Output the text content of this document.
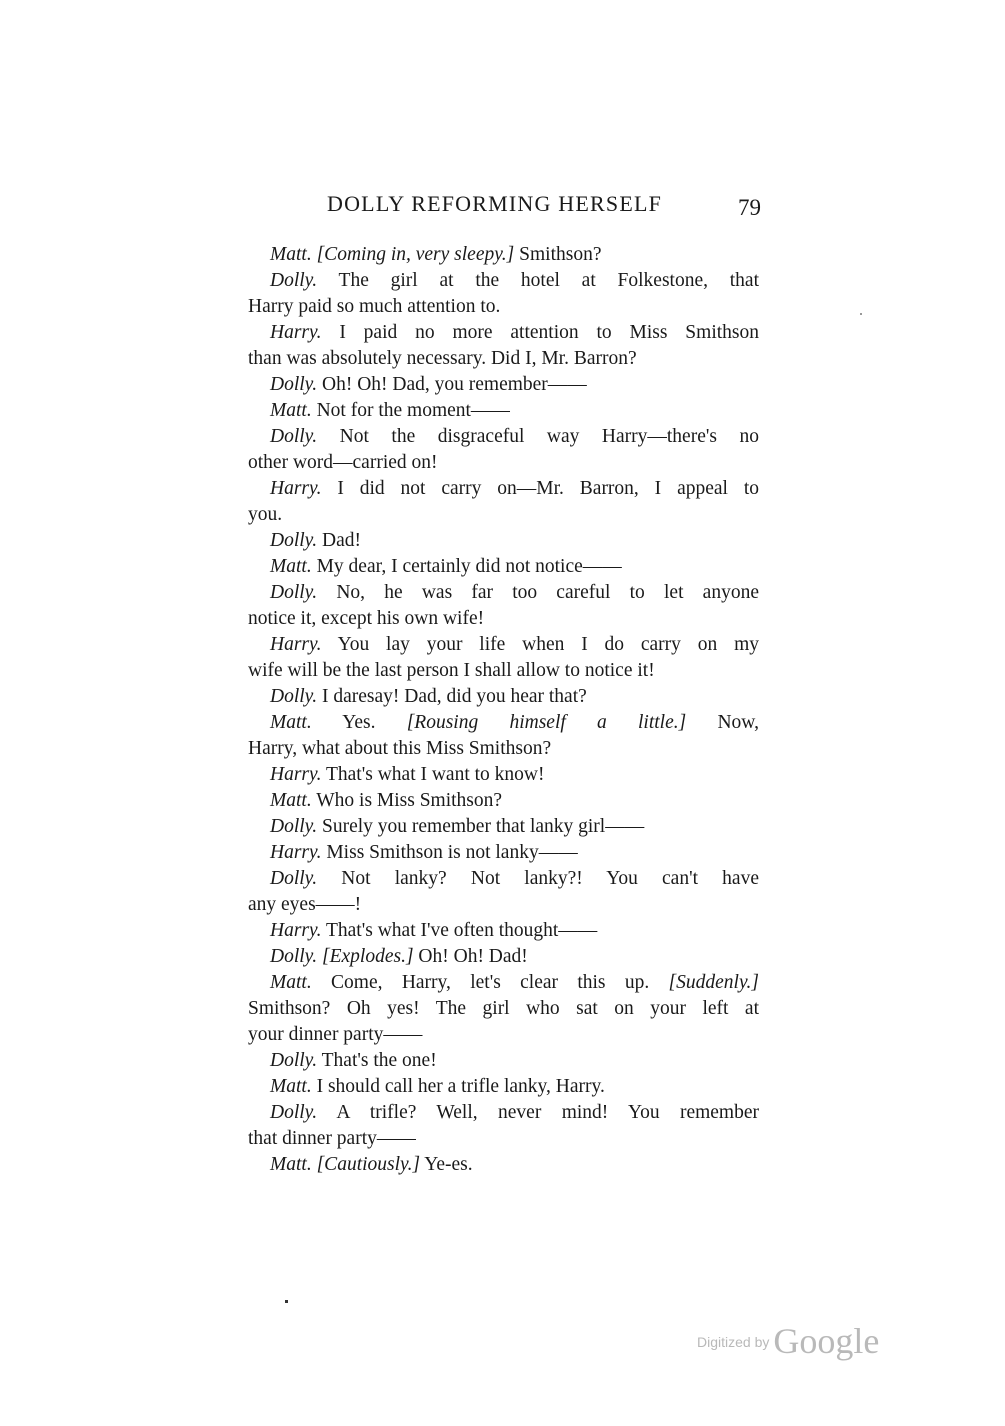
DOLLY REFORMING HERSELF	79
Matt. [Coming in, very sleepy.] Smithson?
Dolly. The girl at the hotel at Folkestone, that
Harry paid so much attention to.
Harry. I paid no more attention to Miss Smithson
than was absolutely necessary. Did I, Mr. Barron?
Dolly. Oh! Oh! Dad, you remember——
Matt. Not for the moment——
Dolly. Not the disgraceful way Harry—there's no
other word—carried on!
Harry. I did not carry on—Mr. Barron, I appeal to
you.
Dolly. Dad!
Matt. My dear, I certainly did not notice——
Dolly. No, he was far too careful to let anyone
notice it, except his own wife!
Harry. You lay your life when I do carry on my
wife will be the last person I shall allow to notice it!
Dolly. I daresay! Dad, did you hear that?
Matt. Yes. [Rousing himself a little.] Now,
Harry, what about this Miss Smithson?
Harry. That's what I want to know!
Matt. Who is Miss Smithson?
Dolly. Surely you remember that lanky girl——
Harry. Miss Smithson is not lanky——
Dolly. Not lanky? Not lanky?! You can't have
any eyes——!
Harry. That's what I've often thought——
Dolly. [Explodes.] Oh! Oh! Dad!
Matt. Come, Harry, let's clear this up. [Suddenly.]
Smithson? Oh yes! The girl who sat on your left at
your dinner party——
Dolly. That's the one!
Matt. I should call her a trifle lanky, Harry.
Dolly. A trifle? Well, never mind! You remember
that dinner party——
Matt. [Cautiously.] Ye-es.
Digitized by Google
